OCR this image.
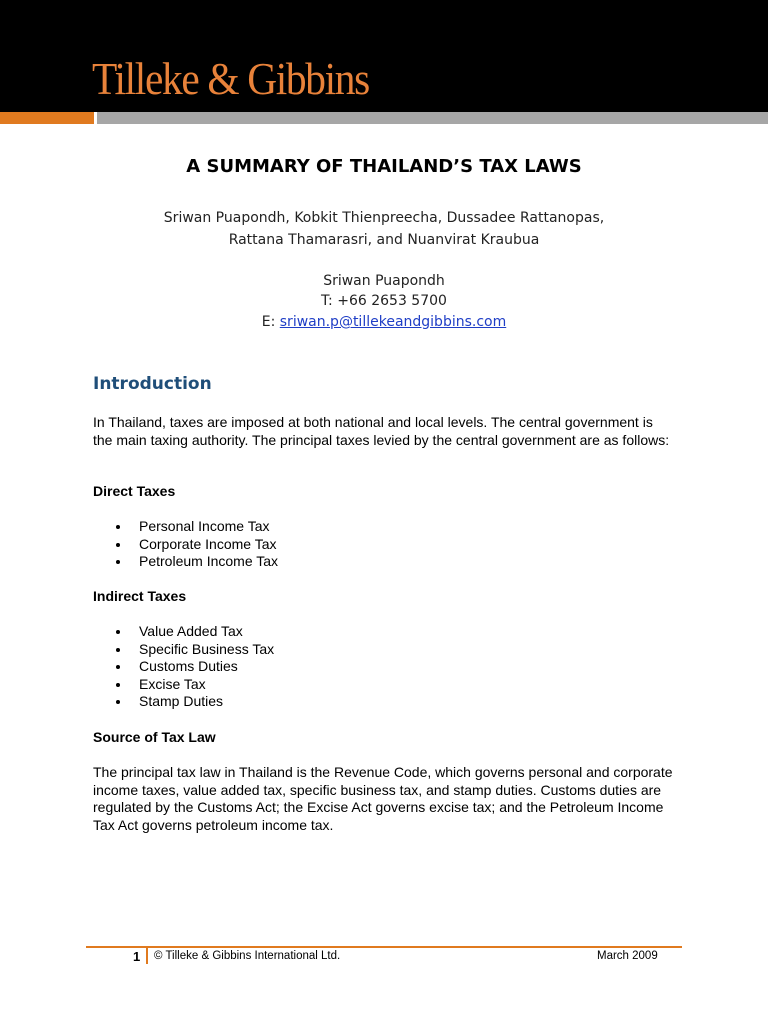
Tilleke & Gibbins
A SUMMARY OF THAILAND’S TAX LAWS
Sriwan Puapondh, Kobkit Thienpreecha, Dussadee Rattanopas,
Rattana Thamarasri, and Nuanvirat Kraubua
Sriwan Puapondh
T: +66 2653 5700
E: sriwan.p@tillekeandgibbins.com
Introduction
In Thailand, taxes are imposed at both national and local levels. The central government is the main taxing authority. The principal taxes levied by the central government are as follows:
Direct Taxes
Personal Income Tax
Corporate Income Tax
Petroleum Income Tax
Indirect Taxes
Value Added Tax
Specific Business Tax
Customs Duties
Excise Tax
Stamp Duties
Source of Tax Law
The principal tax law in Thailand is the Revenue Code, which governs personal and corporate income taxes, value added tax, specific business tax, and stamp duties. Customs duties are regulated by the Customs Act; the Excise Act governs excise tax; and the Petroleum Income Tax Act governs petroleum income tax.
1 © Tilleke & Gibbins International Ltd.	March 2009
